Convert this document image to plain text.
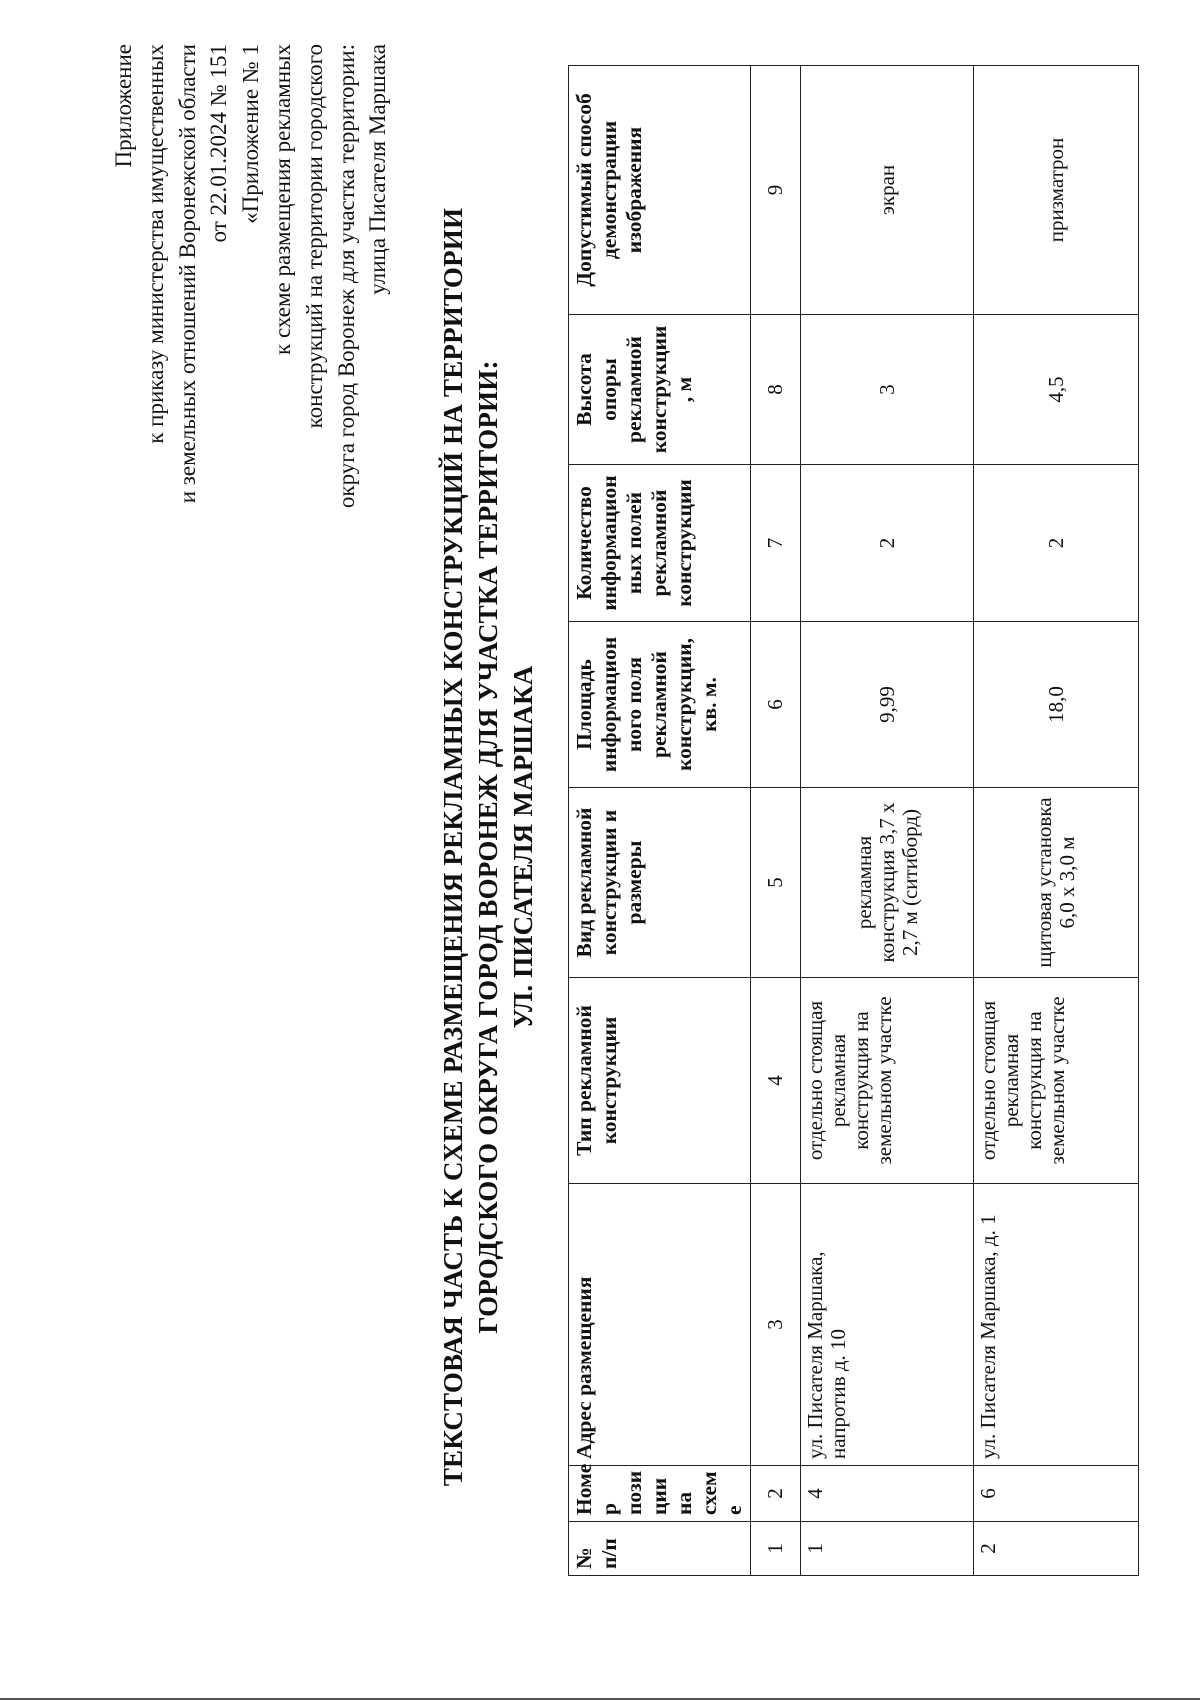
Приложение к приказу министерства имущественных и земельных отношений Воронежской области от 22.01.2024 № 151 «Приложение № 1 к схеме размещения рекламных конструкций на территории городского округа город Воронеж для участка территории: улица Писателя Маршака
ТЕКСТОВАЯ ЧАСТЬ К СХЕМЕ РАЗМЕЩЕНИЯ РЕКЛАМНЫХ КОНСТРУКЦИЙ НА ТЕРРИТОРИИ ГОРОДСКОГО ОКРУГА ГОРОД ВОРОНЕЖ ДЛЯ УЧАСТКА ТЕРРИТОРИИ: УЛ. ПИСАТЕЛЯ МАРШАКА
№ п/п	Номе р пози ции на схем е	Адрес размещения	Тип рекламной конструкции	Вид рекламной конструкции и размеры	Площадь информацион ного поля рекламной конструкции, кв. м.	Количество информацион ных полей рекламной конструкции	Высота опоры рекламной конструкции , м	Допустимый способ демонстрации изображения
1	2	3	4	5	6	7	8	9
1	4	ул. Писателя Маршака, напротив д. 10	отдельно стоящая рекламная конструкция на земельном участке	рекламная конструкция 3,7 х 2,7 м (ситиборд)	9,99	2	3	экран
2	6	ул. Писателя Маршака, д. 1	отдельно стоящая рекламная конструкция на земельном участке	щитовая установка 6,0 х 3,0 м	18,0	2	4,5	призматрон
